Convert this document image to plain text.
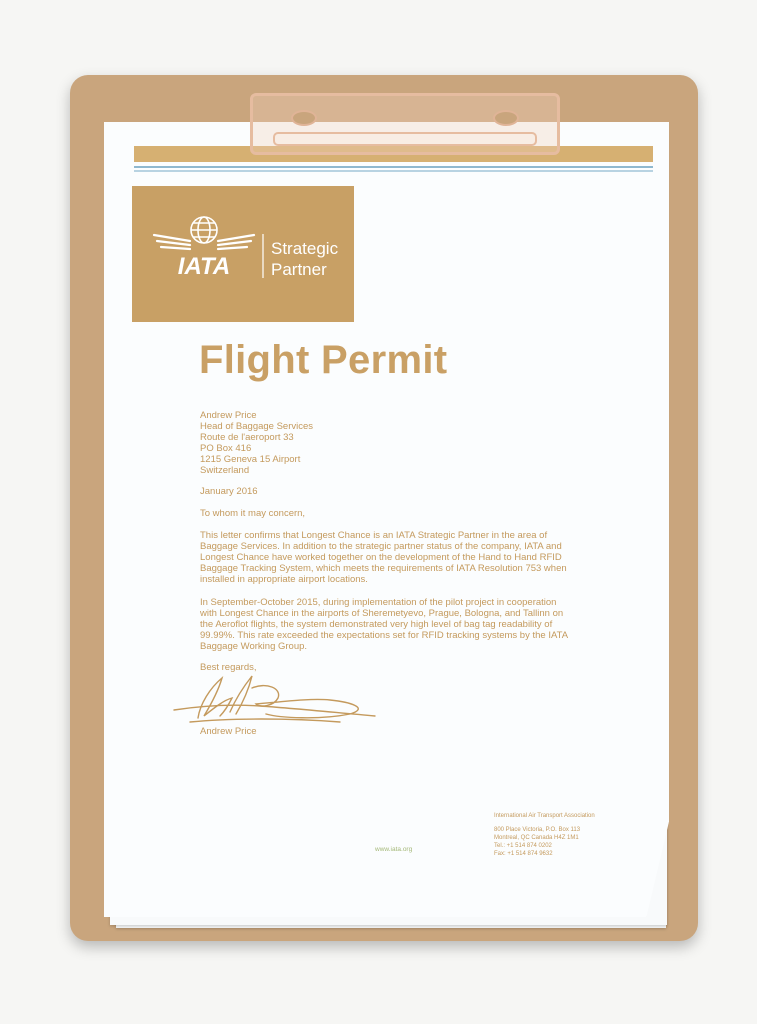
IATA
Strategic
Partner
Flight Permit
Andrew Price
Head of Baggage Services
Route de l'aeroport 33
PO Box 416
1215 Geneva 15 Airport
Switzerland
January 2016
To whom it may concern,

This letter confirms that Longest Chance is an IATA Strategic Partner in the area of Baggage Services. In addition to the strategic partner status of the company, IATA and Longest Chance have worked together on the development of the Hand to Hand RFID Baggage Tracking System, which meets the requirements of IATA Resolution 753 when installed in appropriate airport locations.

In September-October 2015, during implementation of the pilot project in cooperation with Longest Chance in the airports of Sheremetyevo, Prague, Bologna, and Tallinn on the Aeroflot flights, the system demonstrated very high level of bag tag readability of 99.99%. This rate exceeded the expectations set for RFID tracking systems by the IATA Baggage Working Group.

Best regards,
Andrew Price
www.iata.org
International Air Transport Association
800 Place Victoria, P.O. Box 113
Montreal, QC Canada H4Z 1M1
Tel.: +1 514 874 0202
Fax: +1 514 874 9632
